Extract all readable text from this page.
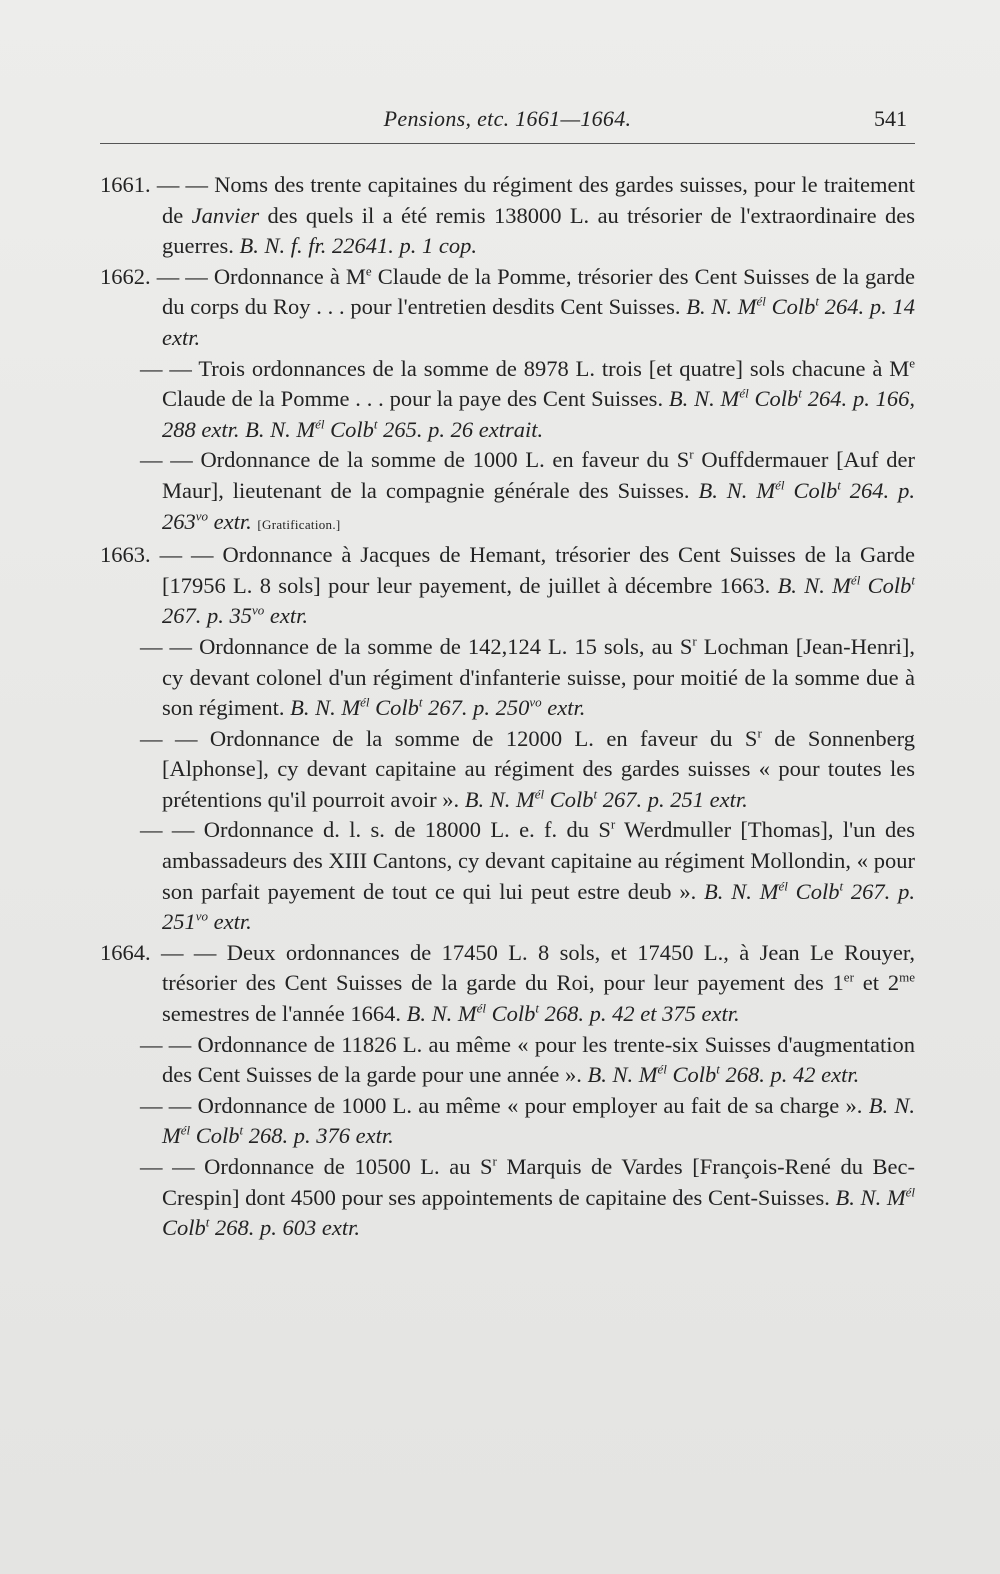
Pensions, etc. 1661—1664.	541

1661. — — Noms des trente capitaines du régiment des gardes suisses, pour le traitement de Janvier des quels il a été remis 138000 L. au trésorier de l'extraordinaire des guerres. B. N. f. fr. 22641. p. 1 cop.

1662. — — Ordonnance à Me Claude de la Pomme, trésorier des Cent Suisses de la garde du corps du Roy . . . pour l'entretien desdits Cent Suisses. B. N. $M^{él}$ Colb$^t$ 264. p. 14 extr.

— — Trois ordonnances de la somme de 8978 L. trois [et quatre] sols chacune à Me Claude de la Pomme . . . pour la paye des Cent Suisses. B. N. $M^{él}$ Colb$^t$ 264. p. 166, 288 extr. B. N. $M^{él}$ Colb$^t$ 265. p. 26 extrait.

— — Ordonnance de la somme de 1000 L. en faveur du $S^r$ Ouffdermauer [Auf der Maur], lieutenant de la compagnie générale des Suisses. B. N. $M^{él}$ Colb$^t$ 264. p. $263^{vo}$ extr. [Gratification.]

1663. — — Ordonnance à Jacques de Hemant, trésorier des Cent Suisses de la Garde [17956 L. 8 sols] pour leur payement, de juillet à décembre 1663. B. N. $M^{él}$ Colb$^t$ 267. p. $35^{vo}$ extr.

— — Ordonnance de la somme de 142,124 L. 15 sols, au $S^r$ Lochman [Jean-Henri], cy devant colonel d'un régiment d'infanterie suisse, pour moitié de la somme due à son régiment. B. N. $M^{él}$ Colb$^t$ 267. p. $250^{vo}$ extr.

— — Ordonnance de la somme de 12000 L. en faveur du $S^r$ de Sonnenberg [Alphonse], cy devant capitaine au régiment des gardes suisses « pour toutes les prétentions qu'il pourroit avoir ». B. N. $M^{él}$ Colb$^t$ 267. p. 251 extr.

— — Ordonnance d. l. s. de 18000 L. e. f. du $S^r$ Werdmuller [Thomas], l'un des ambassadeurs des XIII Cantons, cy devant capitaine au régiment Mollondin, « pour son parfait payement de tout ce qui lui peut estre deub ». B. N. $M^{él}$ Colb$^t$ 267. p. $251^{vo}$ extr.

1664. — — Deux ordonnances de 17450 L. 8 sols, et 17450 L., à Jean Le Rouyer, trésorier des Cent Suisses de la garde du Roi, pour leur payement des 1er et $2^{me}$ semestres de l'année 1664. B. N. $M^{él}$ Colb$^t$ 268. p. 42 et 375 extr.

— — Ordonnance de 11826 L. au même « pour les trente-six Suisses d'augmentation des Cent Suisses de la garde pour une année ». B. N. $M^{él}$ Colb$^t$ 268. p. 42 extr.

— — Ordonnance de 1000 L. au même « pour employer au fait de sa charge ». B. N. $M^{él}$ Colb$^t$ 268. p. 376 extr.

— — Ordonnance de 10500 L. au $S^r$ Marquis de Vardes [François-René du Bec-Crespin] dont 4500 pour ses appointements de capitaine des Cent-Suisses. B. N. $M^{él}$ Colb$^t$ 268. p. 603 extr.
